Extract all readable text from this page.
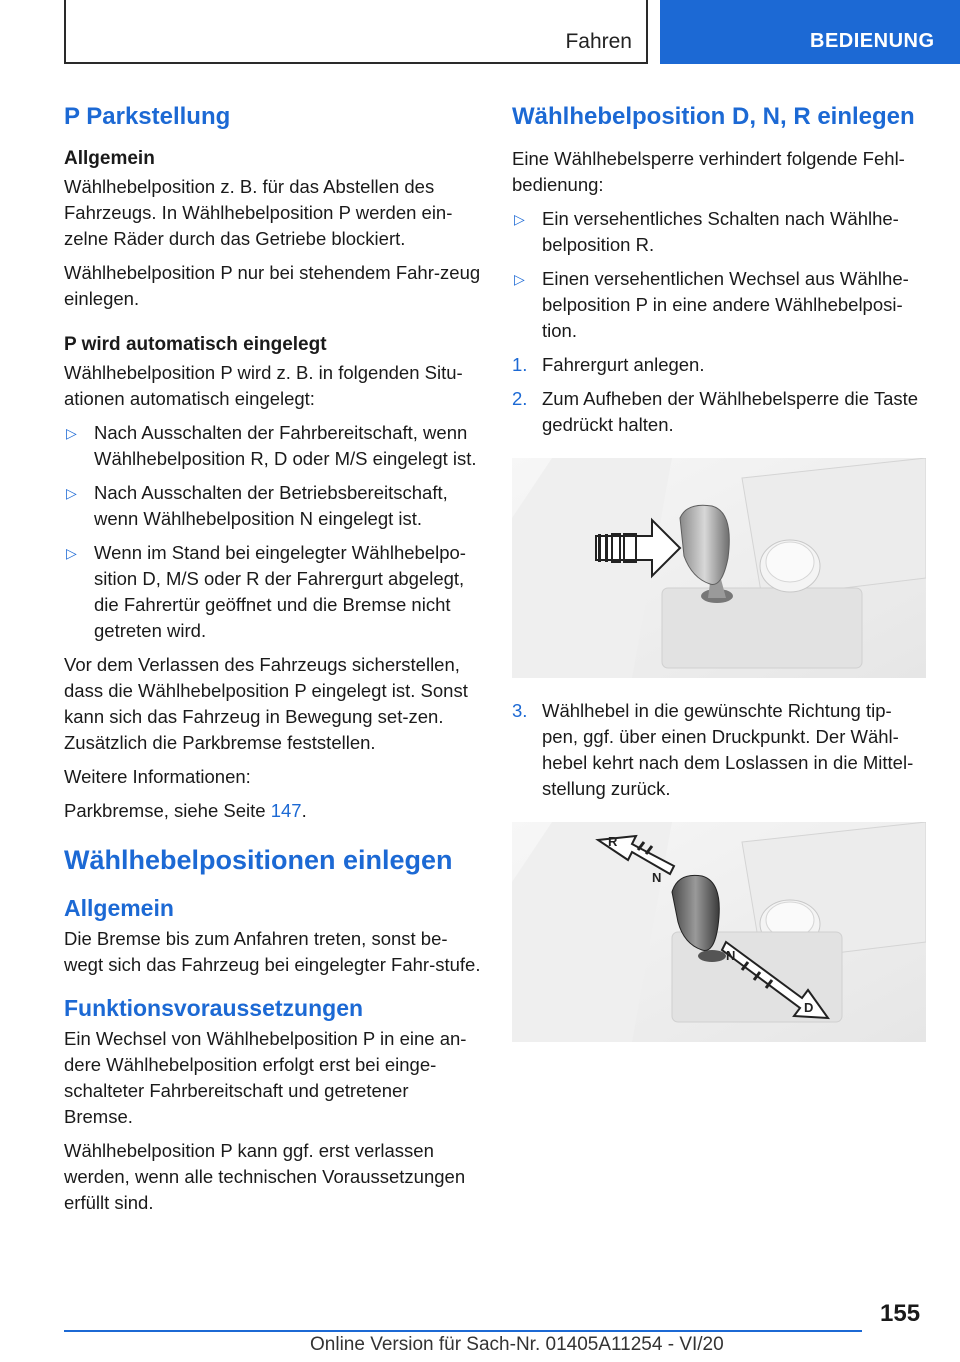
Fahren	BEDIENUNG
P Parkstellung
Allgemein

Wählhebelposition z. B. für das Abstellen des Fahrzeugs. In Wählhebelposition P werden ein-zelne Räder durch das Getriebe blockiert.

Wählhebelposition P nur bei stehendem Fahr-zeug einlegen.

P wird automatisch eingelegt

Wählhebelposition P wird z. B. in folgenden Situ-ationen automatisch eingelegt:

▷ Nach Ausschalten der Fahrbereitschaft, wenn Wählhebelposition R, D oder M/S eingelegt ist.
▷ Nach Ausschalten der Betriebsbereitschaft, wenn Wählhebelposition N eingelegt ist.
▷ Wenn im Stand bei eingelegter Wählhebelpo-sition D, M/S oder R der Fahrergurt abgelegt, die Fahrertür geöffnet und die Bremse nicht getreten wird.

Vor dem Verlassen des Fahrzeugs sicherstellen, dass die Wählhebelposition P eingelegt ist. Sonst kann sich das Fahrzeug in Bewegung set-zen. Zusätzlich die Parkbremse feststellen.

Weitere Informationen:

Parkbremse, siehe Seite 147.

Wählhebelpositionen einlegen
Allgemein

Die Bremse bis zum Anfahren treten, sonst be-wegt sich das Fahrzeug bei eingelegter Fahr-stufe.

Funktionsvoraussetzungen

Ein Wechsel von Wählhebelposition P in eine an-dere Wählhebelposition erfolgt erst bei einge-schalteter Fahrbereitschaft und getretener Bremse.

Wählhebelposition P kann ggf. erst verlassen werden, wenn alle technischen Voraussetzungen erfüllt sind.

Wählhebelposition D, N, R einlegen

Eine Wählhebelsperre verhindert folgende Fehl-bedienung:

▷ Ein versehentliches Schalten nach Wählhe-belposition R.
▷ Einen versehentlichen Wechsel aus Wählhe-belposition P in eine andere Wählhebelposi-tion.
1. Fahrergurt anlegen.
2. Zum Aufheben der Wählhebelsperre die Taste gedrückt halten.
3. Wählhebel in die gewünschte Richtung tip-pen, ggf. über einen Druckpunkt. Der Wähl-hebel kehrt nach dem Loslassen in die Mittel-stellung zurück.
R
N
N
D
155
Online Version für Sach-Nr. 01405A11254 - VI/20
